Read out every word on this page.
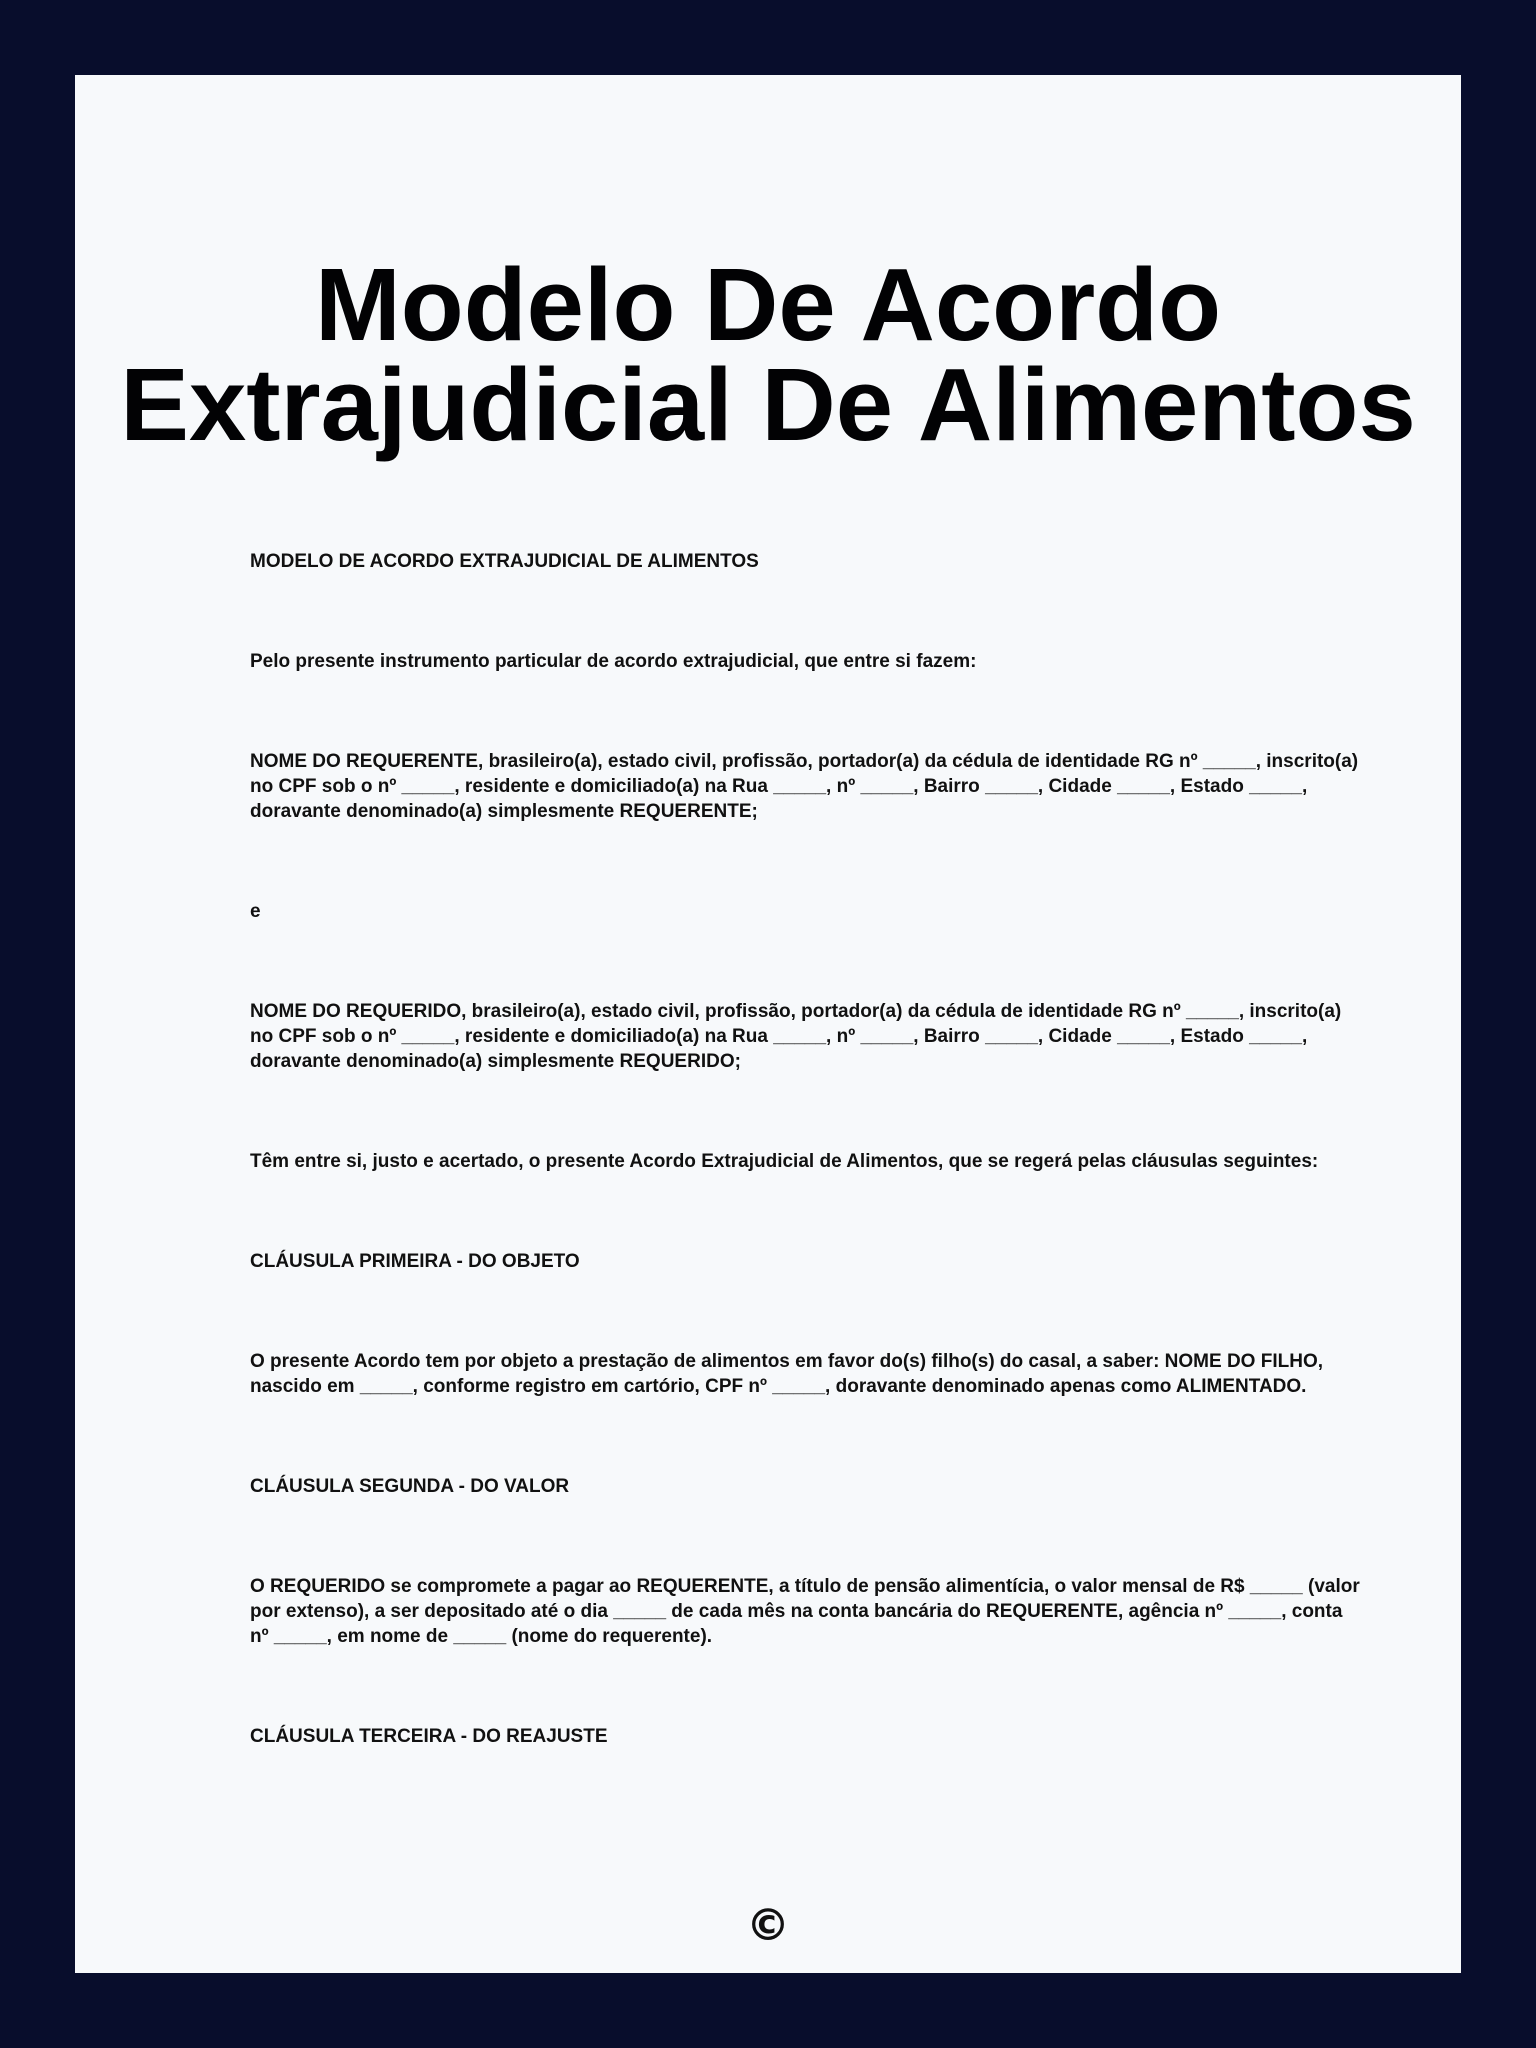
Modelo De Acordo
Extrajudicial De Alimentos

MODELO DE ACORDO EXTRAJUDICIAL DE ALIMENTOS

Pelo presente instrumento particular de acordo extrajudicial, que entre si fazem:

NOME DO REQUERENTE, brasileiro(a), estado civil, profissão, portador(a) da cédula de identidade RG nº _____, inscrito(a) no CPF sob o nº _____, residente e domiciliado(a) na Rua _____, nº _____, Bairro _____, Cidade _____, Estado _____, doravante denominado(a) simplesmente REQUERENTE;

e

NOME DO REQUERIDO, brasileiro(a), estado civil, profissão, portador(a) da cédula de identidade RG nº _____, inscrito(a) no CPF sob o nº _____, residente e domiciliado(a) na Rua _____, nº _____, Bairro _____, Cidade _____, Estado _____, doravante denominado(a) simplesmente REQUERIDO;

Têm entre si, justo e acertado, o presente Acordo Extrajudicial de Alimentos, que se regerá pelas cláusulas seguintes:

CLÁUSULA PRIMEIRA - DO OBJETO

O presente Acordo tem por objeto a prestação de alimentos em favor do(s) filho(s) do casal, a saber: NOME DO FILHO, nascido em _____, conforme registro em cartório, CPF nº _____, doravante denominado apenas como ALIMENTADO.

CLÁUSULA SEGUNDA - DO VALOR

O REQUERIDO se compromete a pagar ao REQUERENTE, a título de pensão alimentícia, o valor mensal de R$ _____ (valor por extenso), a ser depositado até o dia _____ de cada mês na conta bancária do REQUERENTE, agência nº _____, conta nº _____, em nome de _____ (nome do requerente).

CLÁUSULA TERCEIRA - DO REAJUSTE

©
